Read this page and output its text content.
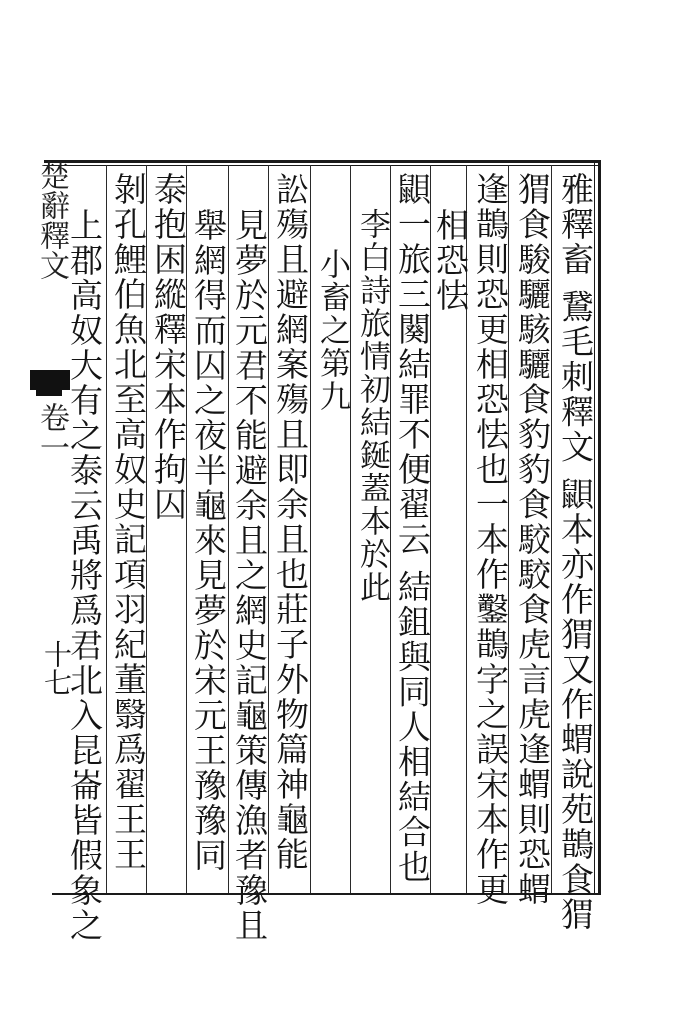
楚辭釋文
卷一
十七	雅釋畜 鵞毛刺釋文 鼰本亦作猬又作蝟說苑鵲食猬
猬食駿驪駭驪食豹豹食駮駮食虎言虎逢蝟則恐蝟
逢鵲則恐更相恐怯也一本作鑿鵲字之誤宋本作更
相恐怯
鼰一旅三闋結罪不便翟云 結鉏與同人相結合也
李白詩旅情初結鋋蓋本於此
小畜之第九
訟殤且避網案殤且即余且也莊子外物篇神龜能
見夢於元君不能避余且之網史記龜策傳漁者豫且
舉網得而囚之夜半龜來見夢於宋元王豫豫同
泰抱困縱釋宋本作拘囚
剝孔鯉伯魚北至高奴史記項羽紀董翳爲翟王王
上郡高奴大有之泰云禹將爲君北入昆崙皆假象之
